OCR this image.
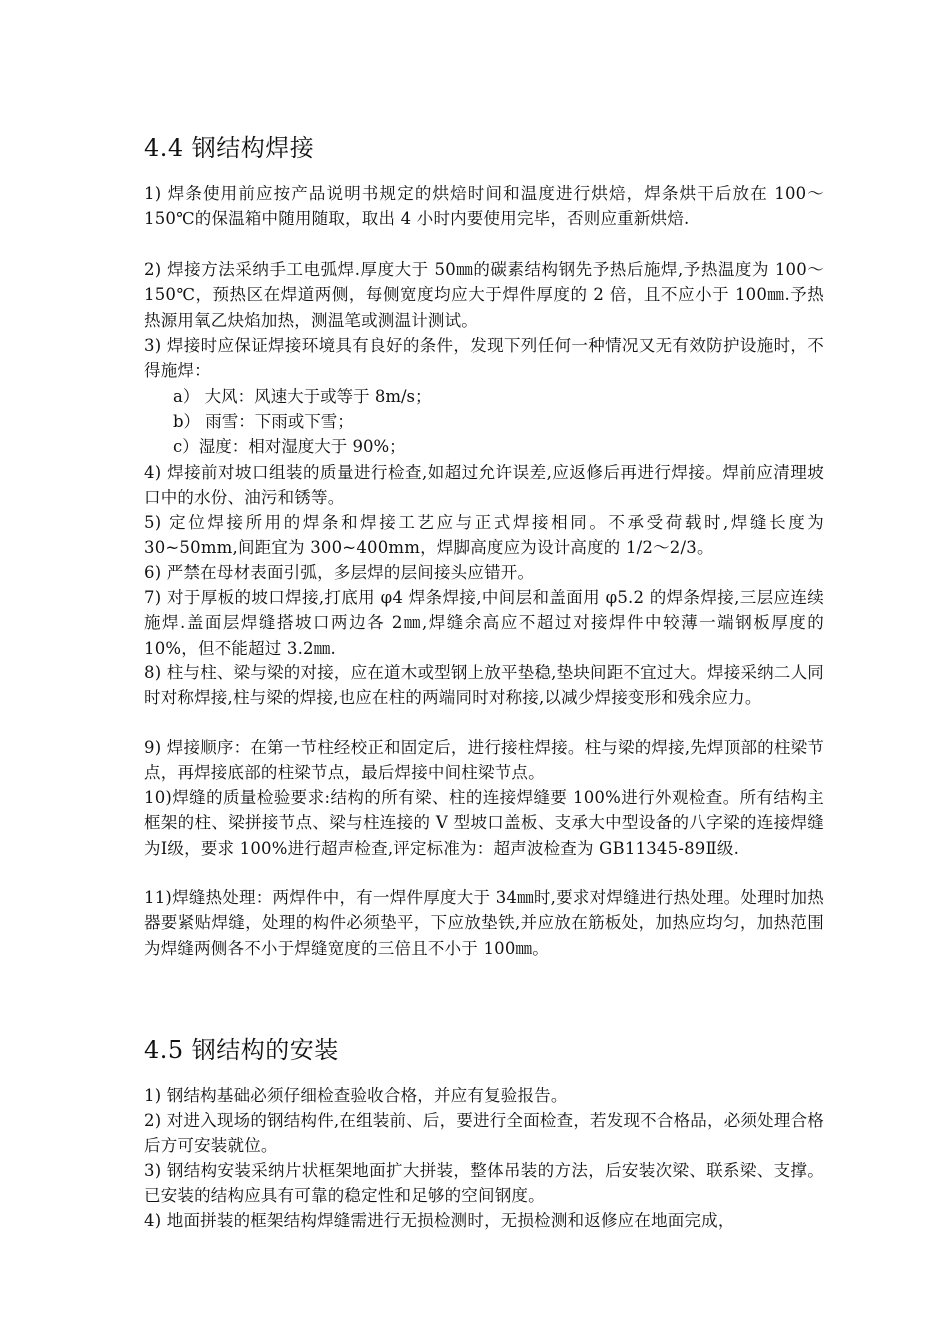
4.4 钢结构焊接

1) 焊条使用前应按产品说明书规定的烘焙时间和温度进行烘焙，焊条烘干后放在 100～150℃的保温箱中随用随取，取出 4 小时内要使用完毕，否则应重新烘焙.

2) 焊接方法采纳手工电弧焊.厚度大于 50㎜的碳素结构钢先予热后施焊,予热温度为 100～150℃，预热区在焊道两侧，每侧宽度均应大于焊件厚度的 2 倍，且不应小于 100㎜.予热热源用氧乙炔焰加热，测温笔或测温计测试。

3) 焊接时应保证焊接环境具有良好的条件，发现下列任何一种情况又无有效防护设施时，不得施焊：

a） 大风：风速大于或等于 8m/s；

b） 雨雪：下雨或下雪；

c）湿度：相对湿度大于 90%；

4) 焊接前对坡口组装的质量进行检查,如超过允许误差,应返修后再进行焊接。焊前应清理坡口中的水份、油污和锈等。

5) 定位焊接所用的焊条和焊接工艺应与正式焊接相同。不承受荷载时,焊缝长度为 30~50mm,间距宜为 300~400mm，焊脚高度应为设计高度的 1/2～2/3。

6) 严禁在母材表面引弧，多层焊的层间接头应错开。

7) 对于厚板的坡口焊接,打底用 φ4 焊条焊接,中间层和盖面用 φ5.2 的焊条焊接,三层应连续施焊.盖面层焊缝搭坡口两边各 2㎜,焊缝余高应不超过对接焊件中较薄一端钢板厚度的 10%，但不能超过 3.2㎜.

8) 柱与柱、梁与梁的对接，应在道木或型钢上放平垫稳,垫块间距不宜过大。焊接采纳二人同时对称焊接,柱与梁的焊接,也应在柱的两端同时对称接,以减少焊接变形和残余应力。

9) 焊接顺序：在第一节柱经校正和固定后，进行接柱焊接。柱与梁的焊接,先焊顶部的柱梁节点，再焊接底部的柱梁节点，最后焊接中间柱梁节点。

10)焊缝的质量检验要求:结构的所有梁、柱的连接焊缝要 100%进行外观检查。所有结构主框架的柱、梁拼接节点、梁与柱连接的 V 型坡口盖板、支承大中型设备的八字梁的连接焊缝为Ⅰ级，要求 100%进行超声检查,评定标准为：超声波检查为 GB11345-89Ⅱ级.

11)焊缝热处理：两焊件中，有一焊件厚度大于 34㎜时,要求对焊缝进行热处理。处理时加热器要紧贴焊缝，处理的构件必须垫平，下应放垫铁,并应放在筋板处，加热应均匀，加热范围为焊缝两侧各不小于焊缝宽度的三倍且不小于 100㎜。

4.5 钢结构的安装

1) 钢结构基础必须仔细检查验收合格，并应有复验报告。

2) 对进入现场的钢结构件,在组装前、后，要进行全面检查，若发现不合格品，必须处理合格后方可安装就位。

3) 钢结构安装采纳片状框架地面扩大拼装，整体吊装的方法，后安装次梁、联系梁、支撑。已安装的结构应具有可靠的稳定性和足够的空间钢度。

4) 地面拼装的框架结构焊缝需进行无损检测时，无损检测和返修应在地面完成，
